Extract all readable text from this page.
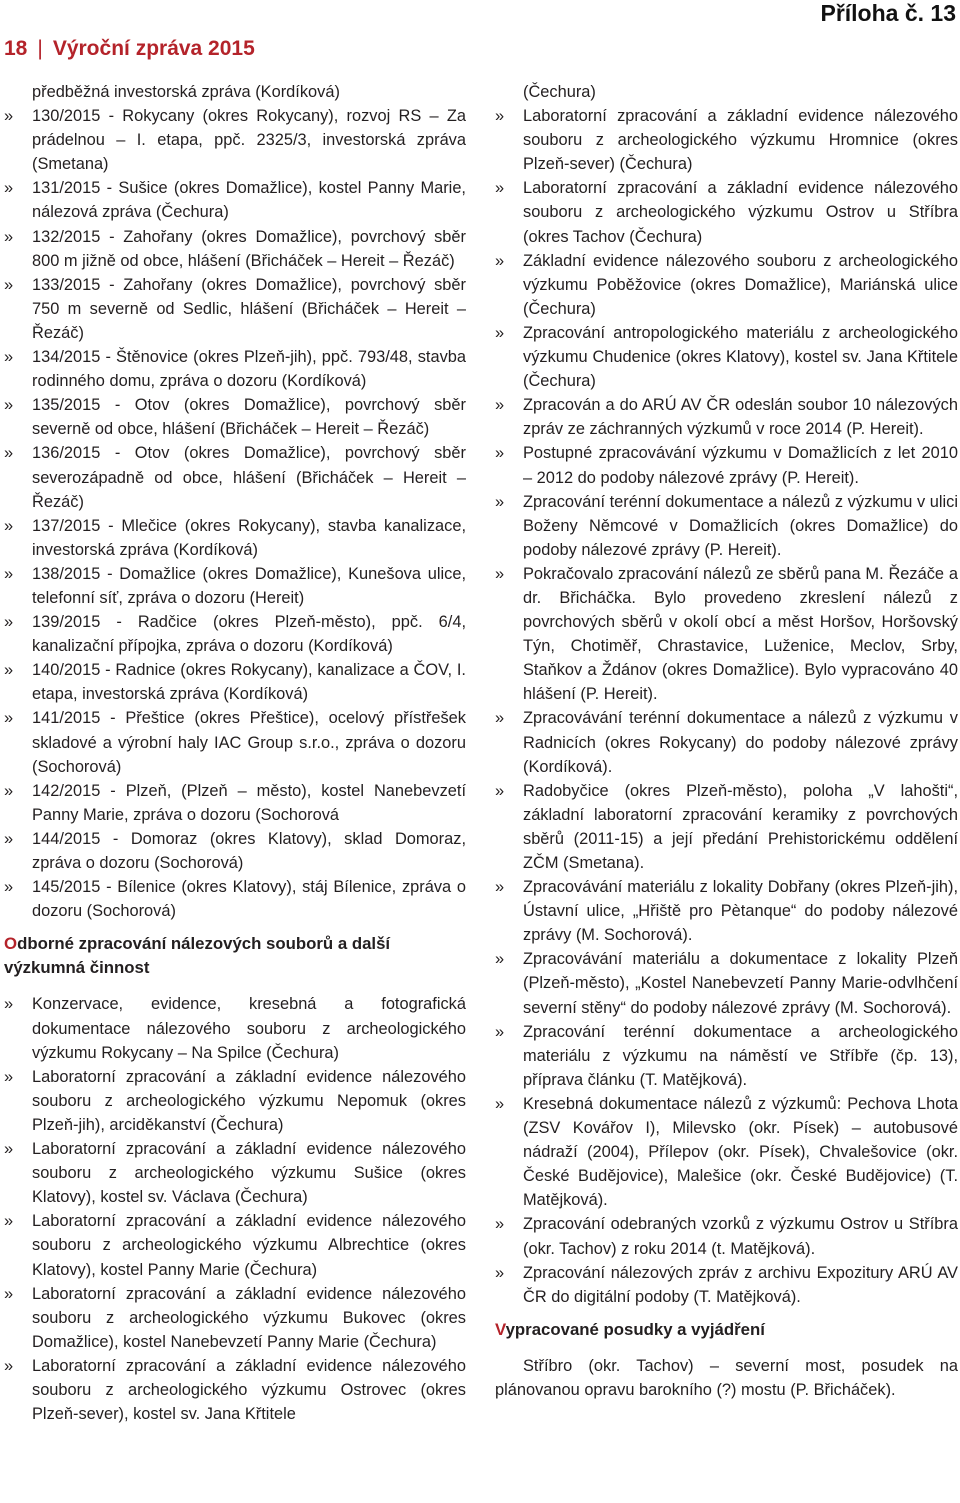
Příloha č. 13
18 | Výroční zpráva 2015
předběžná investorská zpráva (Kordíková)
»	130/2015 - Rokycany (okres Rokycany), rozvoj RS – Za prádelnou – I. etapa, ppč. 2325/3, investorská zpráva (Smetana)
»	131/2015 - Sušice (okres Domažlice), kostel Panny Marie, nálezová zpráva (Čechura)
»	132/2015 - Zahořany (okres Domažlice), povrchový sběr 800 m jižně od obce, hlášení (Břicháček – Hereit – Řezáč)
»	133/2015 - Zahořany (okres Domažlice), povrchový sběr 750 m severně od Sedlic, hlášení (Břicháček – Hereit – Řezáč)
»	134/2015 - Štěnovice (okres Plzeň-jih), ppč. 793/48, stavba rodinného domu, zpráva o dozoru (Kordíková)
»	135/2015 - Otov (okres Domažlice), povrchový sběr severně od obce, hlášení (Břicháček – Hereit – Řezáč)
»	136/2015 - Otov (okres Domažlice), povrchový sběr severozápadně od obce, hlášení (Břicháček – Hereit – Řezáč)
»	137/2015 - Mlečice (okres Rokycany), stavba kanalizace, investorská zpráva (Kordíková)
»	138/2015 - Domažlice (okres Domažlice), Kunešova ulice, telefonní síť, zpráva o dozoru (Hereit)
»	139/2015 - Radčice (okres Plzeň-město), ppč. 6/4, kanalizační přípojka, zpráva o dozoru (Kordíková)
»	140/2015 - Radnice (okres Rokycany), kanalizace a ČOV, I. etapa, investorská zpráva (Kordíková)
»	141/2015 - Přeštice (okres Přeštice), ocelový přístřešek skladové a výrobní haly IAC Group s.r.o., zpráva o dozoru (Sochorová)
»	142/2015 - Plzeň, (Plzeň – město), kostel Nanebevzetí Panny Marie, zpráva o dozoru (Sochorová
»	144/2015 - Domoraz (okres Klatovy), sklad Domoraz, zpráva o dozoru (Sochorová)
»	145/2015 - Bílenice (okres Klatovy), stáj Bílenice, zpráva o dozoru (Sochorová)
Odborné zpracování nálezových souborů a další výzkumná činnost
»	Konzervace, evidence, kresebná a fotografická dokumentace nálezového souboru z archeologického výzkumu Rokycany – Na Spilce (Čechura)
»	Laboratorní zpracování a základní evidence nálezového souboru z archeologického výzkumu Nepomuk (okres Plzeň-jih), arciděkanství (Čechura)
»	Laboratorní zpracování a základní evidence nálezového souboru z archeologického výzkumu Sušice (okres Klatovy), kostel sv. Václava (Čechura)
»	Laboratorní zpracování a základní evidence nálezového souboru z archeologického výzkumu Albrechtice (okres Klatovy), kostel Panny Marie (Čechura)
»	Laboratorní zpracování a základní evidence nálezového souboru z archeologického výzkumu Bukovec (okres Domažlice), kostel Nanebevzetí Panny Marie (Čechura)
»	Laboratorní zpracování a základní evidence nálezového souboru z archeologického výzkumu Ostrovec (okres Plzeň-sever), kostel sv. Jana Křtitele
(Čechura)
»	Laboratorní zpracování a základní evidence nálezového souboru z archeologického výzkumu Hromnice (okres Plzeň-sever) (Čechura)
»	Laboratorní zpracování a základní evidence nálezového souboru z archeologického výzkumu Ostrov u Stříbra (okres Tachov (Čechura)
»	Základní evidence nálezového souboru z archeologického výzkumu Poběžovice (okres Domažlice), Mariánská ulice (Čechura)
»	Zpracování antropologického materiálu z archeologického výzkumu Chudenice (okres Klatovy), kostel sv. Jana Křtitele (Čechura)
»	Zpracován a do ARÚ AV ČR odeslán soubor 10 nálezových zpráv ze záchranných výzkumů v roce 2014 (P. Hereit).
»	Postupné zpracovávání výzkumu v Domažlicích z let 2010 – 2012 do podoby nálezové zprávy (P. Hereit).
»	Zpracování terénní dokumentace a nálezů z výzkumu v ulici Boženy Němcové v Domažlicích (okres Domažlice) do podoby nálezové zprávy (P. Hereit).
»	Pokračovalo zpracování nálezů ze sběrů pana M. Řezáče a dr. Břicháčka. Bylo provedeno zkreslení nálezů z povrchových sběrů v okolí obcí a měst Horšov, Horšovský Týn, Chotiměř, Chrastavice, Luženice, Meclov, Srby, Staňkov a Ždánov (okres Domažlice). Bylo vypracováno 40 hlášení (P. Hereit).
»	Zpracovávání terénní dokumentace a nálezů z výzkumu v Radnicích (okres Rokycany) do podoby nálezové zprávy (Kordíková).
»	Radobyčice (okres Plzeň-město), poloha „V lahošti“, základní laboratorní zpracování keramiky z povrchových sběrů (2011-15) a její předání Prehistorickému oddělení ZČM (Smetana).
»	Zpracovávání materiálu z lokality Dobřany (okres Plzeň-jih), Ústavní ulice, „Hřiště pro Pètanque“ do podoby nálezové zprávy (M. Sochorová).
»	Zpracovávání materiálu a dokumentace z lokality Plzeň (Plzeň-město), „Kostel Nanebevzetí Panny Marie-odvlhčení severní stěny“ do podoby nálezové zprávy (M. Sochorová).
»	Zpracování terénní dokumentace a archeologického materiálu z výzkumu na náměstí ve Stříbře (čp. 13), příprava článku (T. Matějková).
»	Kresebná dokumentace nálezů z výzkumů: Pechova Lhota (ZSV Kovářov I), Milevsko (okr. Písek) – autobusové nádraží (2004), Přílepov (okr. Písek), Chvalešovice (okr. České Budějovice), Malešice (okr. České Budějovice) (T. Matějková).
»	Zpracování odebraných vzorků z výzkumu Ostrov u Stříbra (okr. Tachov) z roku 2014 (t. Matějková).
»	Zpracování nálezových zpráv z archivu Expozitury ARÚ AV ČR do digitální podoby (T. Matějková).
Vypracované posudky a vyjádření

Stříbro (okr. Tachov) – severní most, posudek na plánovanou opravu barokního (?) mostu (P. Břicháček).
